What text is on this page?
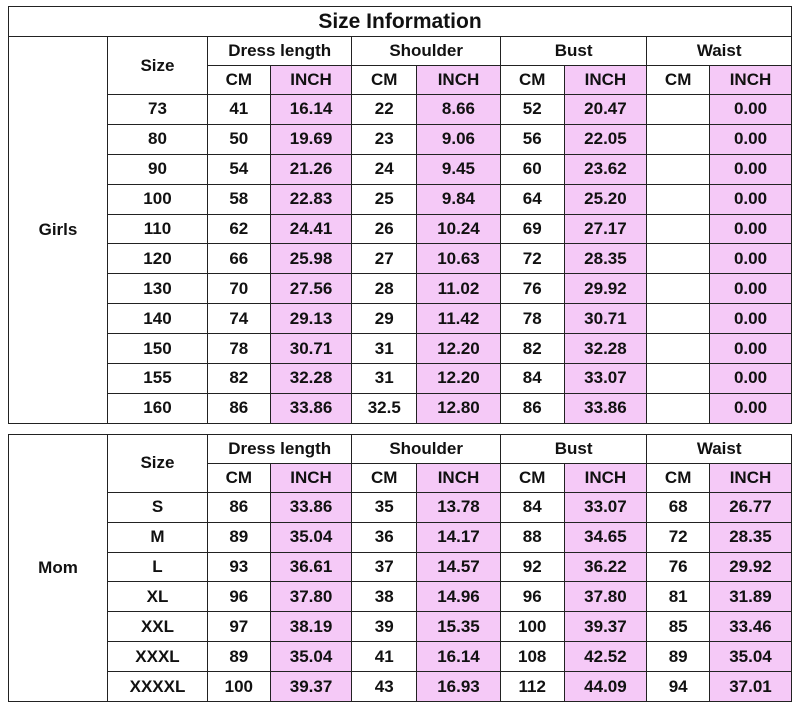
Size Information									
Girls	Size	Dress length		Shoulder		Bust		Waist	
		CM	INCH	CM	INCH	CM	INCH	CM	INCH
	73	41	16.14	22	8.66	52	20.47		0.00
	80	50	19.69	23	9.06	56	22.05		0.00
	90	54	21.26	24	9.45	60	23.62		0.00
	100	58	22.83	25	9.84	64	25.20		0.00
	110	62	24.41	26	10.24	69	27.17		0.00
	120	66	25.98	27	10.63	72	28.35		0.00
	130	70	27.56	28	11.02	76	29.92		0.00
	140	74	29.13	29	11.42	78	30.71		0.00
	150	78	30.71	31	12.20	82	32.28		0.00
	155	82	32.28	31	12.20	84	33.07		0.00
	160	86	33.86	32.5	12.80	86	33.86		0.00

Mom	Size	Dress length		Shoulder		Bust		Waist	
		CM	INCH	CM	INCH	CM	INCH	CM	INCH
	S	86	33.86	35	13.78	84	33.07	68	26.77
	M	89	35.04	36	14.17	88	34.65	72	28.35
	L	93	36.61	37	14.57	92	36.22	76	29.92
	XL	96	37.80	38	14.96	96	37.80	81	31.89
	XXL	97	38.19	39	15.35	100	39.37	85	33.46
	XXXL	89	35.04	41	16.14	108	42.52	89	35.04
	XXXXL	100	39.37	43	16.93	112	44.09	94	37.01
